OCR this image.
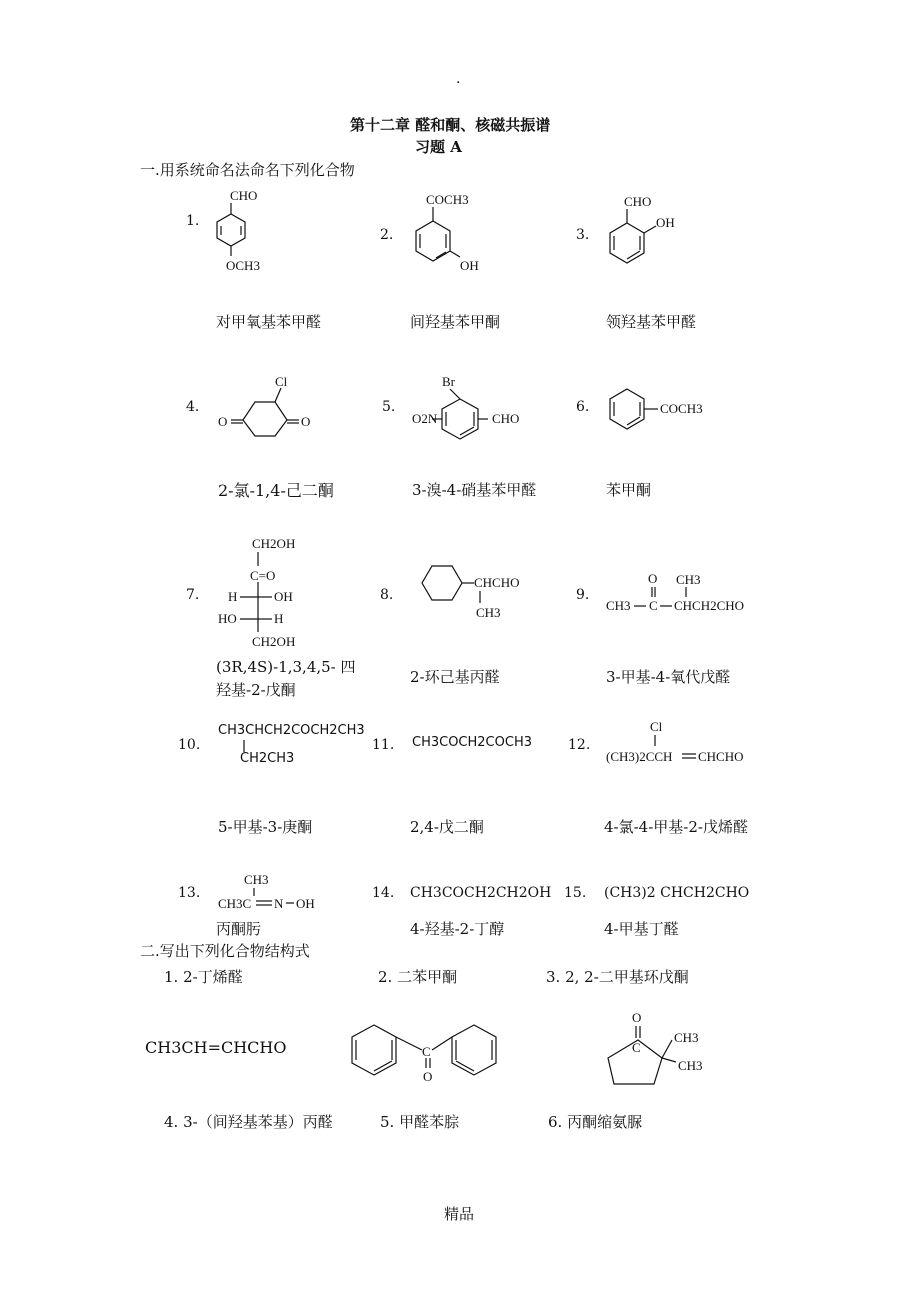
.
第十二章 醛和酮、核磁共振谱
习题 A
一.用系统命名法命名下列化合物
1.
CHO
OCH3
对甲氧基苯甲醛
2.
COCH3
OH
间羟基苯甲酮
3.
CHO
OH
领羟基苯甲醛
4.
Cl
O	O
2-氯-1,4-己二酮
5.
Br
O2N	CHO
3-溴-4-硝基苯甲醛
6.	COCH3
苯甲酮
7.
CH2OH
C=O
H	OH
HO	H
CH2OH
(3R,4S)-1,3,4,5- 四
羟基-2-戊酮
8.
CHCHO
CH3
2-环己基丙醛
9.
O CH3
CH3 C CHCH2CHO
3-甲基-4-氧代戊醛
10.
CH3CHCH2COCH2CH3
CH2CH3
5-甲基-3-庚酮
11. CH3COCH2COCH3
2,4-戊二酮
12.
Cl
(CH3)2CCH CHCHO
4-氯-4-甲基-2-戊烯醛
13.
CH3
CH3C N OH
丙酮肟
14. CH3COCH2CH2OH
4-羟基-2-丁醇
15. (CH3)2 CHCH2CHO
4-甲基丁醛
二.写出下列化合物结构式
1. 2-丁烯醛	2. 二苯甲酮	3. 2, 2-二甲基环戊酮
CH3CH=CHCHO	C
O
O
C
CH3
CH3
4. 3-（间羟基苯基）丙醛	5. 甲醛苯腙	6. 丙酮缩氨脲
精品
